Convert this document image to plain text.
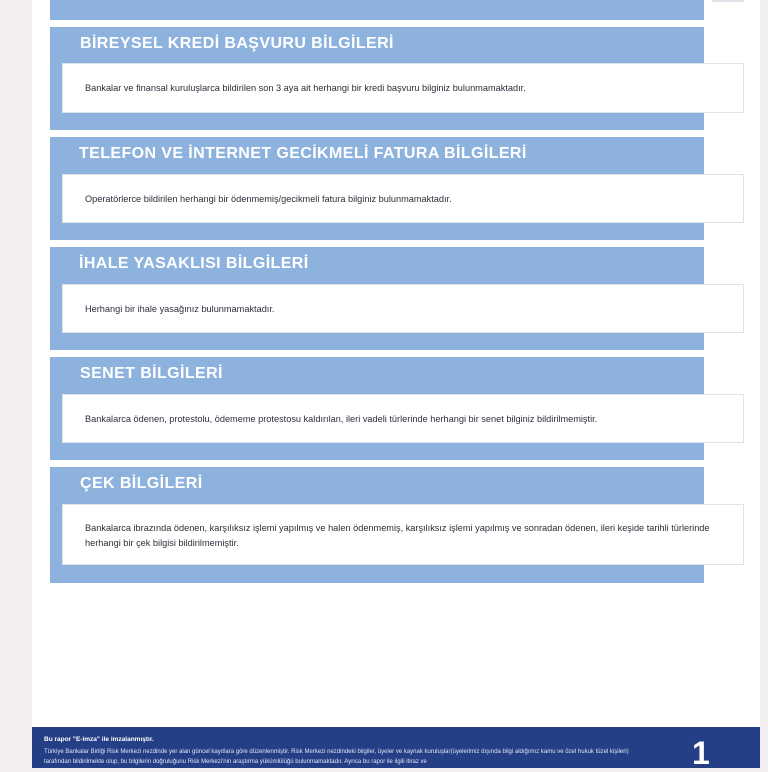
BİREYSEL KREDİ BAŞVURU BİLGİLERİ
Bankalar ve finansal kuruluşlarca bildirilen son 3 aya ait herhangi bir kredi başvuru bilginiz bulunmamaktadır.
TELEFON VE İNTERNET GECİKMELİ FATURA BİLGİLERİ
Operatörlerce bildirilen herhangi bir ödenmemiş/gecikmeli fatura bilginiz bulunmamaktadır.
İHALE YASAKLISI BİLGİLERİ
Herhangi bir ihale yasağınız bulunmamaktadır.
SENET BİLGİLERİ
Bankalarca ödenen, protestolu, ödememe protestosu kaldırılan, ileri vadeli türlerinde herhangi bir senet bilginiz bildirilmemiştir.
ÇEK BİLGİLERİ
Bankalarca ibrazında ödenen, karşılıksız işlemi yapılmış ve halen ödenmemiş, karşılıksız işlemi yapılmış ve sonradan ödenen, ileri keşide tarihli türlerinde herhangi bir çek bilgisi bildirilmemiştir.
Bu rapor "E-imza" ile imzalanmıştır.
Türkiye Bankalar Birliği Risk Merkezi nezdinde yer alan güncel kayıtlara göre düzenlenmiştir. Risk Merkezi nezdindeki bilgiler, üyeler ve kaynak kuruluşlar(üyelerimiz dışında bilgi aldığımız kamu ve özel hukuk tüzel kişileri) tarafından bildirilmekte olup, bu bilgilerin doğruluğunu Risk Merkezi'nin araştırma yükümlülüğü bulunmamaktadır. Ayrıca bu rapor ile ilgili itiraz ve	1
